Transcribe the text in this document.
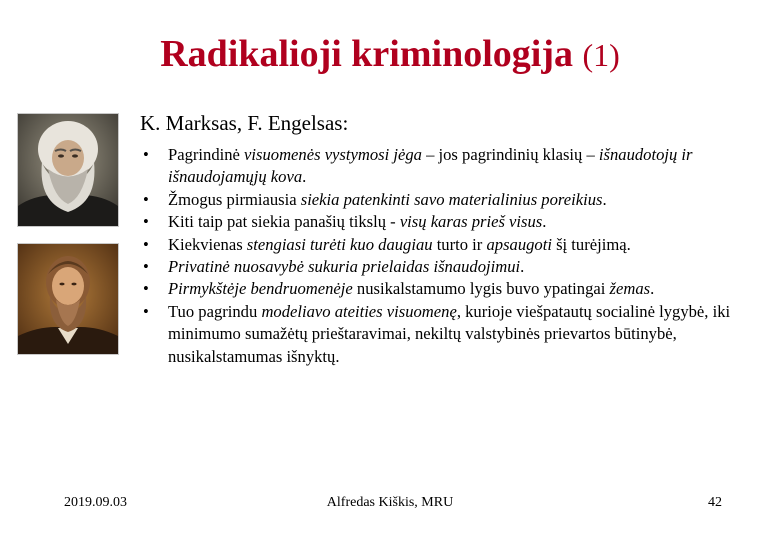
Radikalioji kriminologija (1)
K. Marksas, F. Engelsas:
• Pagrindinė visuomenės vystymosi jėga – jos pagrindinių klasių – išnaudotojų ir išnaudojamųjų kova.
• Žmogus pirmiausia siekia patenkinti savo materialinius poreikius.
• Kiti taip pat siekia panašių tikslų - visų karas prieš visus.
• Kiekvienas stengiasi turėti kuo daugiau turto ir apsaugoti šį turėjimą.
• Privatinė nuosavybė sukuria prielaidas išnaudojimui.
• Pirmykštėje bendruomenėje nusikalstamumo lygis buvo ypatingai žemas.
• Tuo pagrindu modeliavo ateities visuomenę, kurioje viešpatautų socialinė lygybė, iki minimumo sumažėtų prieštaravimai, nekiltų valstybinės prievartos būtinybė, nusikalstamumas išnyktų.
2019.09.03	Alfredas Kiškis, MRU	42
